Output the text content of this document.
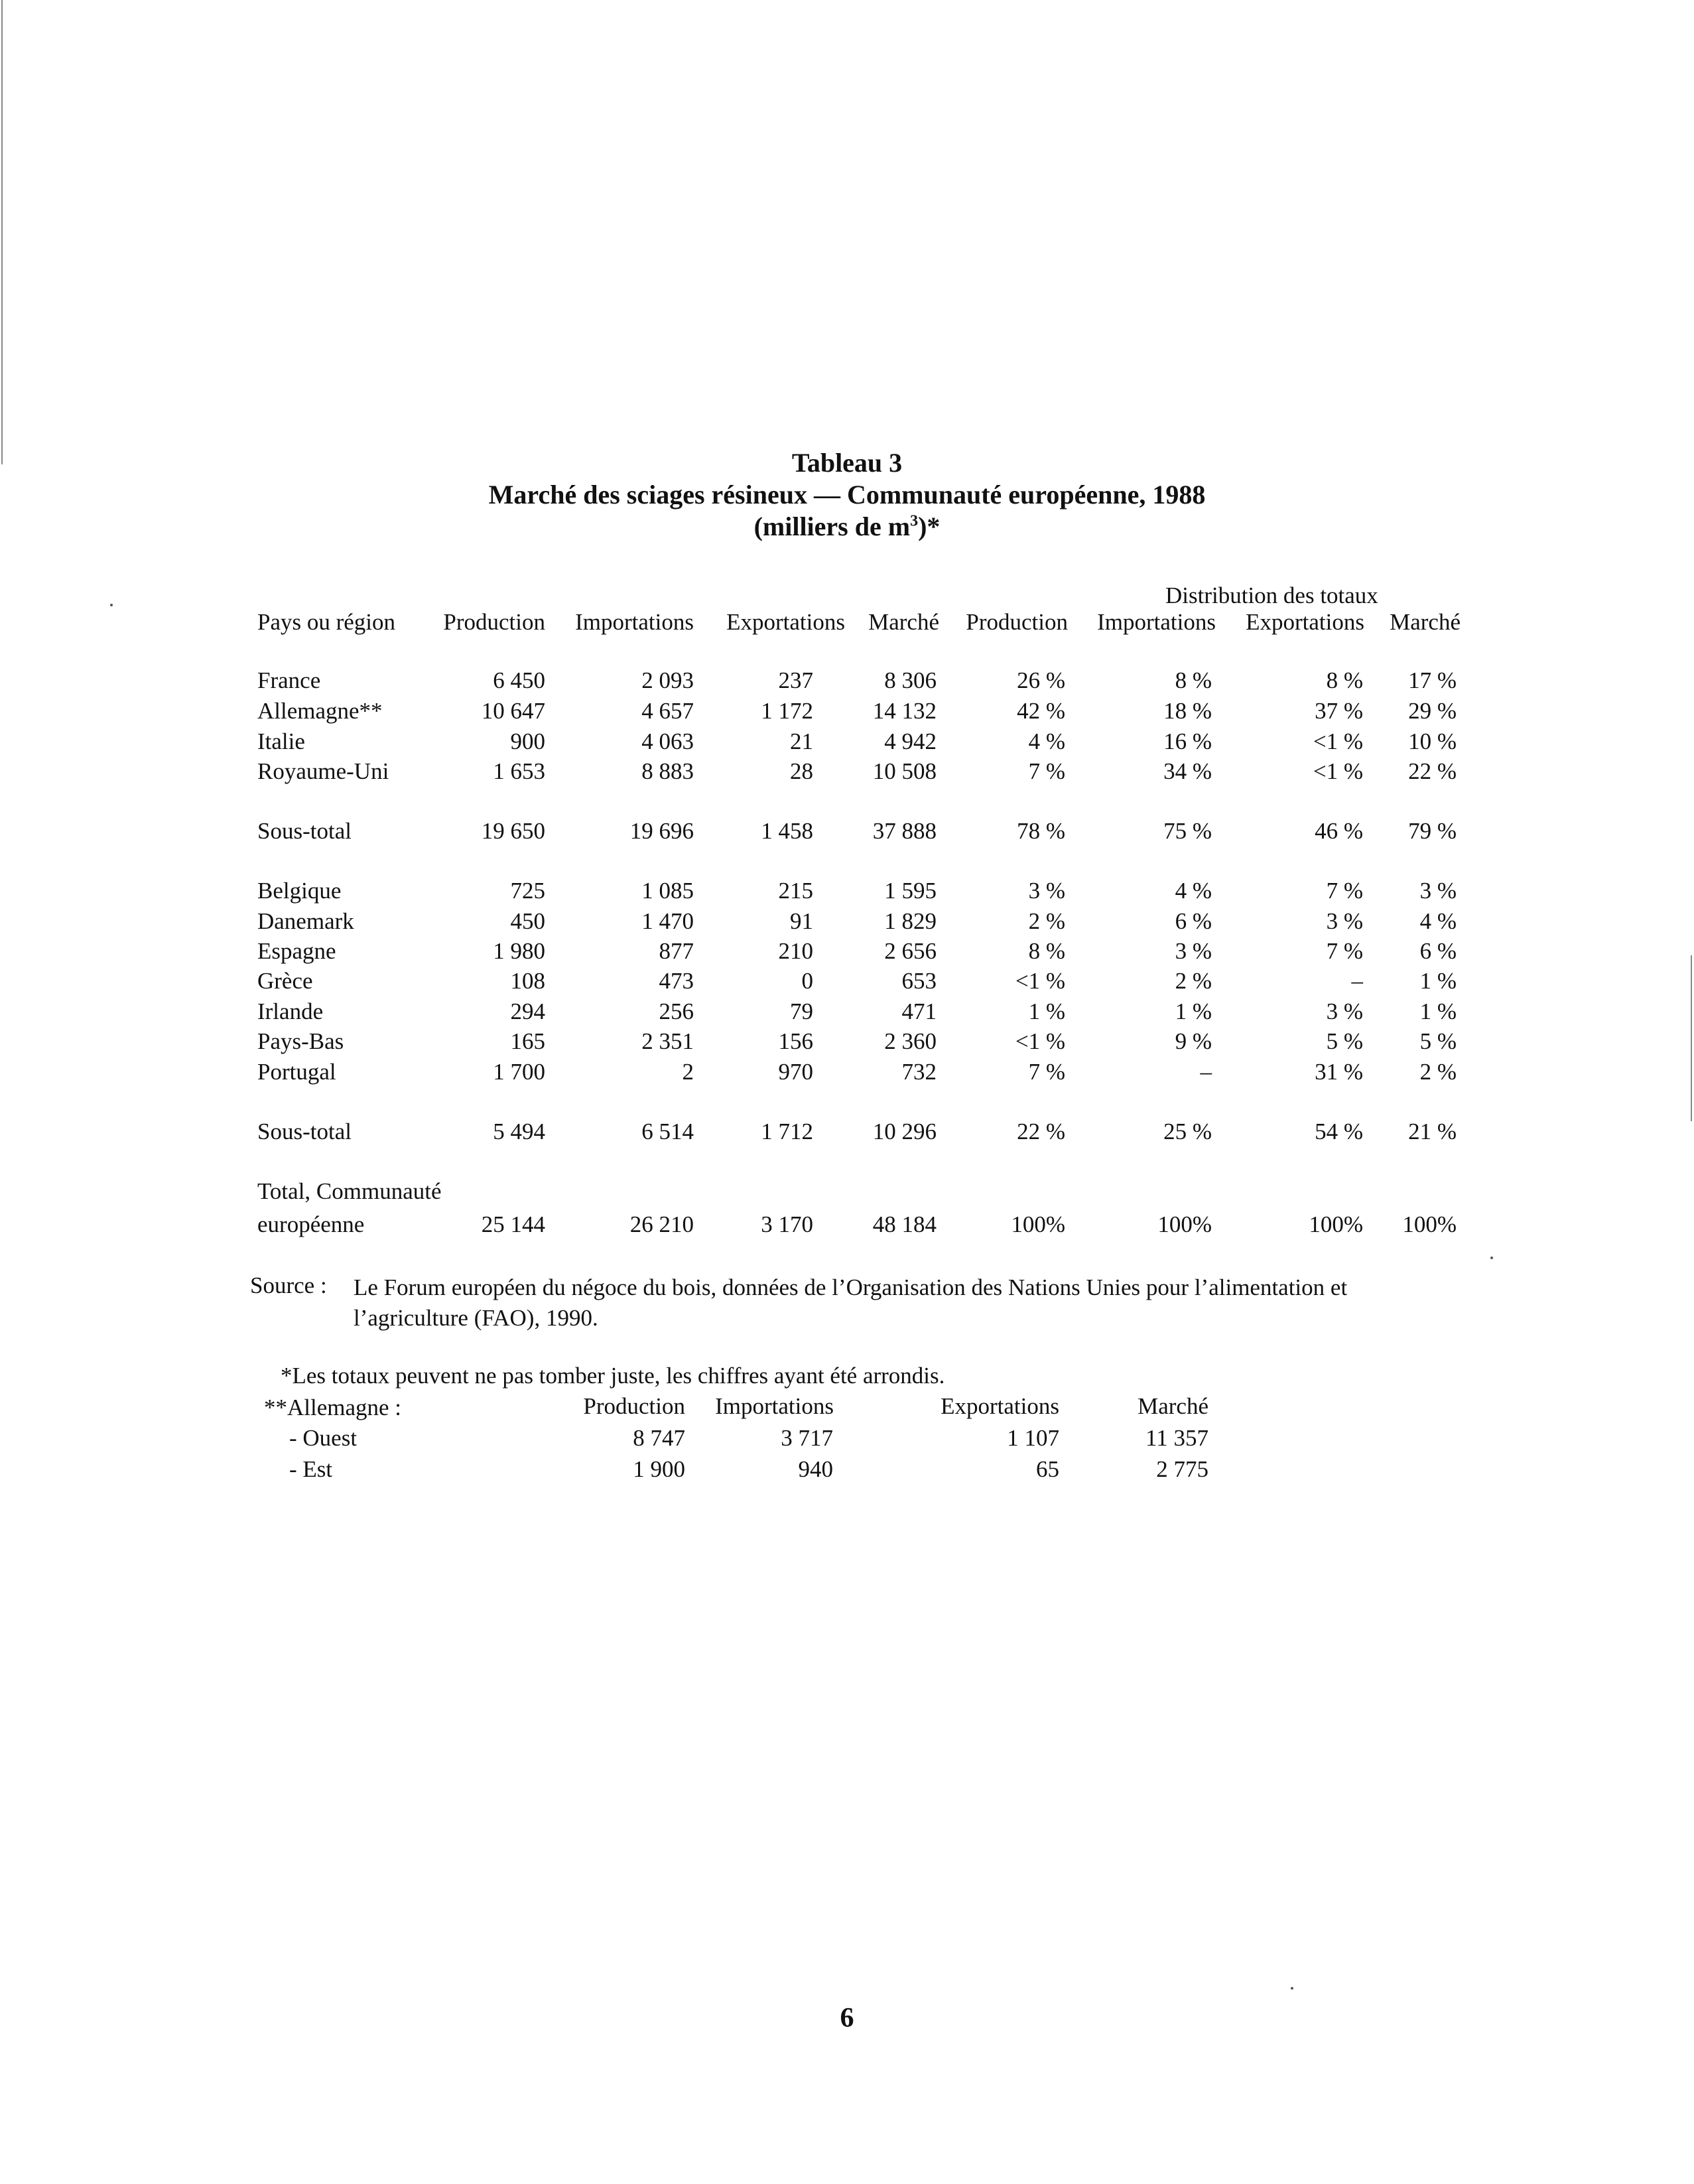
Tableau 3
Marché des sciages résineux — Communauté européenne, 1988
(milliers de $m^3)*$
Distribution des totaux
Pays ou région	Production	Importations	Exportations	Marché	Production	Importations	Exportations	Marché
France	6 450	2 093	237	8 306	26 %	8 %	8 %	17 %
Allemagne**	10 647	4 657	1 172	14 132	42 %	18 %	37 %	29 %
Italie	900	4 063	21	4 942	4 %	16 %	<1 %	10 %
Royaume-Uni	1 653	8 883	28	10 508	7 %	34 %	<1 %	22 %
Sous-total	19 650	19 696	1 458	37 888	78 %	75 %	46 %	79 %
Belgique	725	1 085	215	1 595	3 %	4 %	7 %	3 %
Danemark	450	1 470	91	1 829	2 %	6 %	3 %	4 %
Espagne	1 980	877	210	2 656	8 %	3 %	7 %	6 %
Grèce	108	473	0	653	<1 %	2 %	–	1 %
Irlande	294	256	79	471	1 %	1 %	3 %	1 %
Pays-Bas	165	2 351	156	2 360	<1 %	9 %	5 %	5 %
Portugal	1 700	2	970	732	7 %	–	31 %	2 %
Sous-total	5 494	6 514	1 712	10 296	22 %	25 %	54 %	21 %
Total, Communauté
européenne	25 144	26 210	3 170	48 184	100%	100%	100%	100%
Source : Le Forum européen du négoce du bois, données de l’Organisation des Nations Unies pour l’alimentation et l’agriculture (FAO), 1990.
*Les totaux peuvent ne pas tomber juste, les chiffres ayant été arrondis.
**Allemagne :	Production	Importations	Exportations	Marché
- Ouest	8 747	3 717	1 107	11 357
- Est	1 900	940	65	2 775
6
